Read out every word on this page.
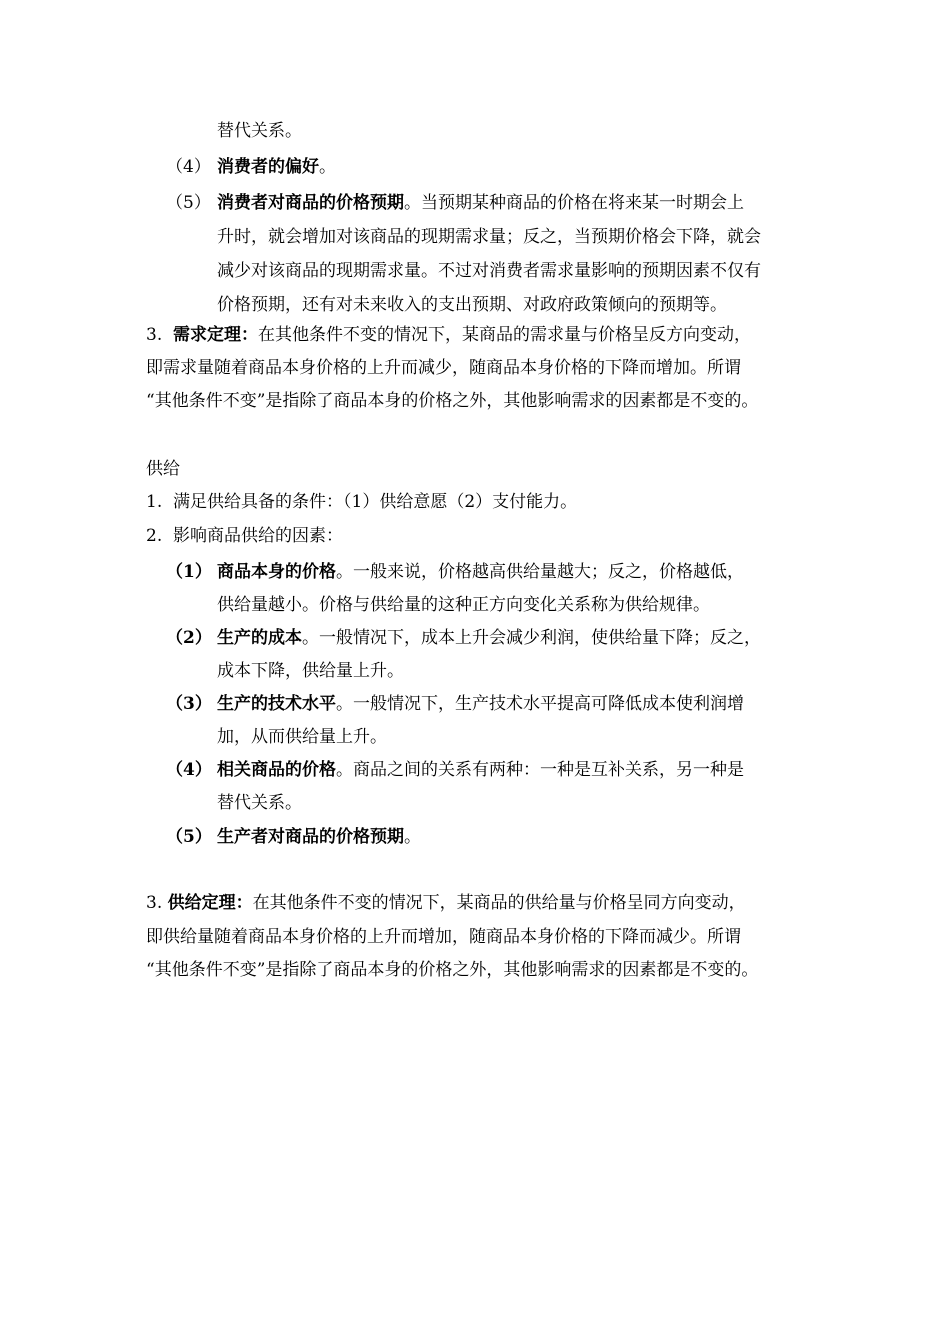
替代关系。
（4） 消费者的偏好。
（5） 消费者对商品的价格预期。当预期某种商品的价格在将来某一时期会上
升时，就会增加对该商品的现期需求量；反之，当预期价格会下降，就会
减少对该商品的现期需求量。不过对消费者需求量影响的预期因素不仅有
价格预期，还有对未来收入的支出预期、对政府政策倾向的预期等。
3. 需求定理：在其他条件不变的情况下，某商品的需求量与价格呈反方向变动，
即需求量随着商品本身价格的上升而减少，随商品本身价格的下降而增加。所谓
“其他条件不变”是指除了商品本身的价格之外，其他影响需求的因素都是不变的。
供给
1. 满足供给具备的条件：（1）供给意愿（2）支付能力。
2. 影响商品供给的因素：
（1） 商品本身的价格。一般来说，价格越高供给量越大；反之，价格越低，
供给量越小。价格与供给量的这种正方向变化关系称为供给规律。
（2） 生产的成本。一般情况下，成本上升会减少利润，使供给量下降；反之，
成本下降，供给量上升。
（3） 生产的技术水平。一般情况下，生产技术水平提高可降低成本使利润增
加，从而供给量上升。
（4） 相关商品的价格。商品之间的关系有两种：一种是互补关系，另一种是
替代关系。
（5） 生产者对商品的价格预期。
3. 供给定理：在其他条件不变的情况下，某商品的供给量与价格呈同方向变动，
即供给量随着商品本身价格的上升而增加，随商品本身价格的下降而减少。所谓
“其他条件不变”是指除了商品本身的价格之外，其他影响需求的因素都是不变的。
